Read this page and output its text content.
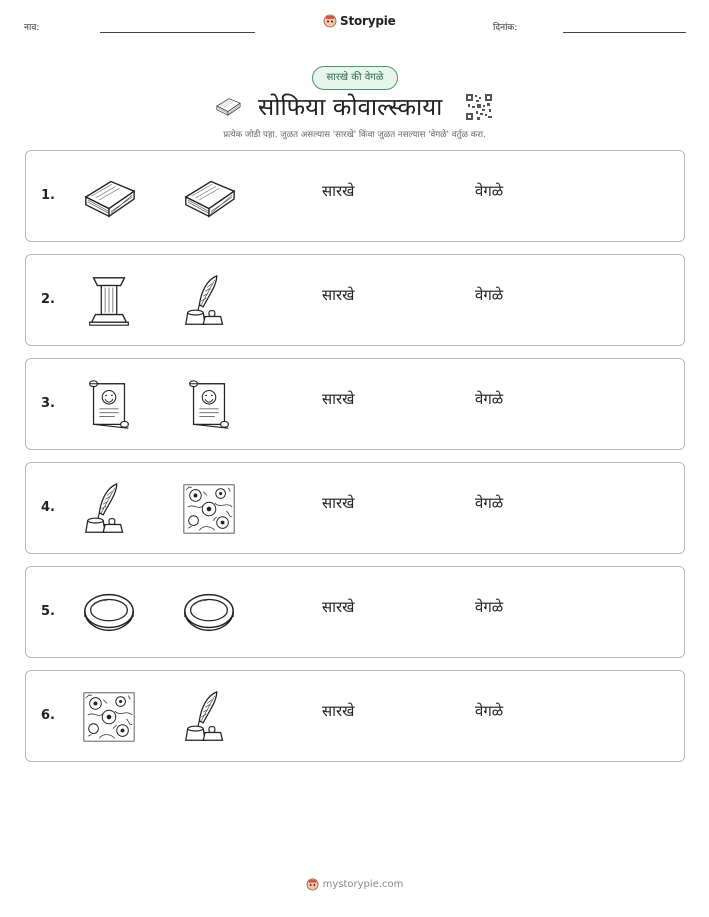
नाव:	Storypie	दिनांक:
सारखे की वेगळे
सोफिया कोवाल्स्काया
प्रत्येक जोडी पहा. जुळत असल्यास 'सारखे' किंवा जुळत नसल्यास 'वेगळे' वर्तुळ करा.
1.	सारखे	वेगळे
2.	सारखे	वेगळे
3.	सारखे	वेगळे
4.	सारखे	वेगळे
5.	सारखे	वेगळे
6.	सारखे	वेगळे
mystorypie.com
